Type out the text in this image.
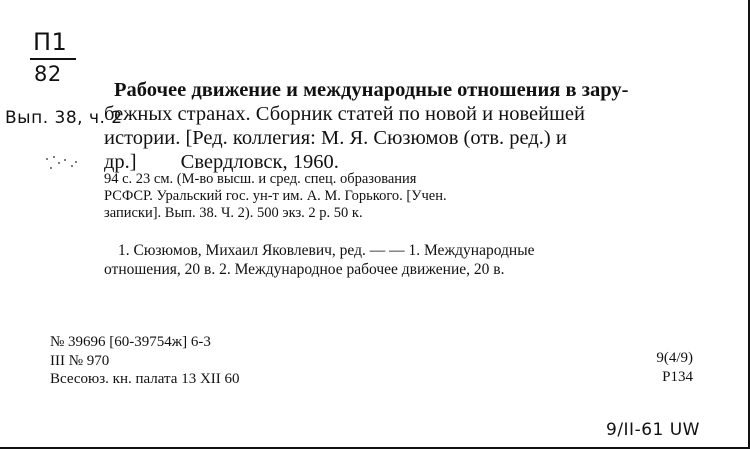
П1
82
Вып. 38, ч. 2
Рабочее движение и международные отношения в зару-
бежных странах. Сборник статей по новой и новейшей
истории. [Ред. коллегия: М. Я. Сюзюмов (отв. ред.) и
др.] Свердловск, 1960.
94 с. 23 см. (М-во высш. и сред. спец. образования
РСФСР. Уральский гос. ун-т им. А. М. Горького. [Учен.
записки]. Вып. 38. Ч. 2). 500 экз. 2 р. 50 к.
1. Сюзюмов, Михаил Яковлевич, ред. — — 1. Международные
отношения, 20 в. 2. Международное рабочее движение, 20 в.
№ 39696 [60-39754ж] 6-3
III № 970
Всесоюз. кн. палата 13 XII 60
9(4/9)
Р134
9/II-61 UW
